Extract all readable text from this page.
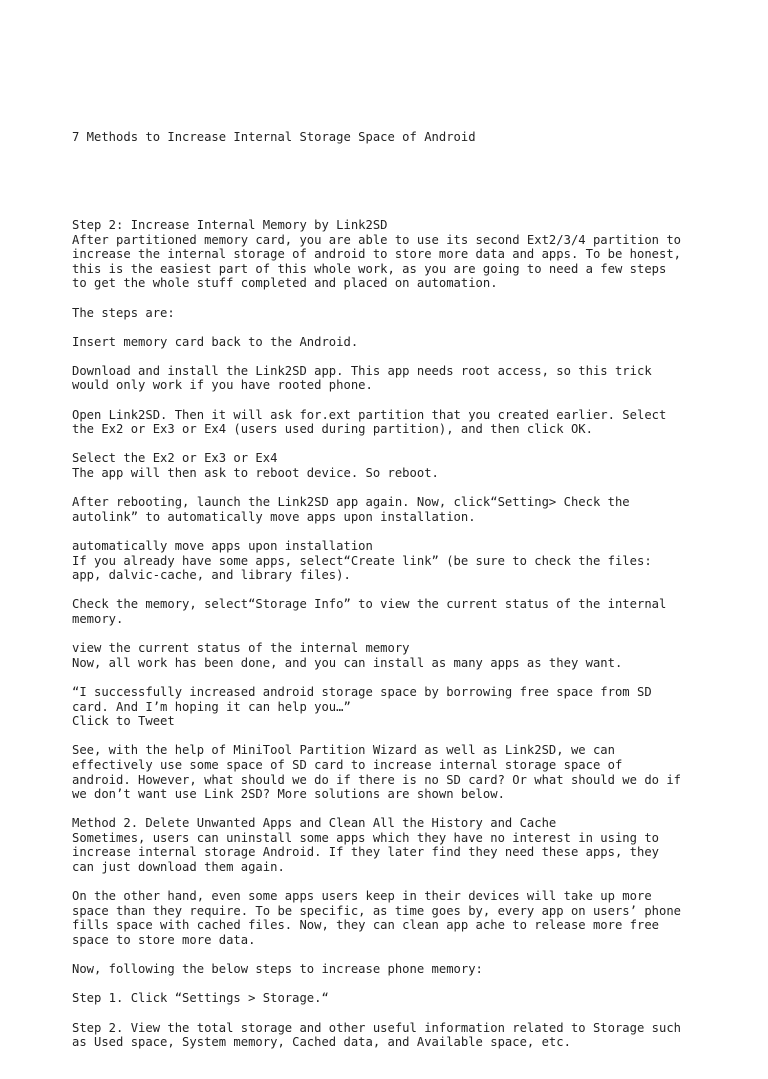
7 Methods to Increase Internal Storage Space of Android

Step 2: Increase Internal Memory by Link2SD
After partitioned memory card, you are able to use its second Ext2/3/4 partition to
increase the internal storage of android to store more data and apps. To be honest,
this is the easiest part of this whole work, as you are going to need a few steps
to get the whole stuff completed and placed on automation.
The steps are:
Insert memory card back to the Android.
Download and install the Link2SD app. This app needs root access, so this trick
would only work if you have rooted phone.
Open Link2SD. Then it will ask for.ext partition that you created earlier. Select
the Ex2 or Ex3 or Ex4 (users used during partition), and then click OK.
Select the Ex2 or Ex3 or Ex4
The app will then ask to reboot device. So reboot.
After rebooting, launch the Link2SD app again. Now, click“Setting> Check the
autolink” to automatically move apps upon installation.
automatically move apps upon installation
If you already have some apps, select“Create link” (be sure to check the files:
app, dalvic-cache, and library files).
Check the memory, select“Storage Info” to view the current status of the internal
memory.
view the current status of the internal memory
Now, all work has been done, and you can install as many apps as they want.
“I successfully increased android storage space by borrowing free space from SD
card. And I’m hoping it can help you…”
Click to Tweet
See, with the help of MiniTool Partition Wizard as well as Link2SD, we can
effectively use some space of SD card to increase internal storage space of
android. However, what should we do if there is no SD card? Or what should we do if
we don’t want use Link 2SD? More solutions are shown below.
Method 2. Delete Unwanted Apps and Clean All the History and Cache
Sometimes, users can uninstall some apps which they have no interest in using to
increase internal storage Android. If they later find they need these apps, they
can just download them again.
On the other hand, even some apps users keep in their devices will take up more
space than they require. To be specific, as time goes by, every app on users’ phone
fills space with cached files. Now, they can clean app ache to release more free
space to store more data.
Now, following the below steps to increase phone memory:
Step 1. Click “Settings > Storage.“
Step 2. View the total storage and other useful information related to Storage such
as Used space, System memory, Cached data, and Available space, etc.
